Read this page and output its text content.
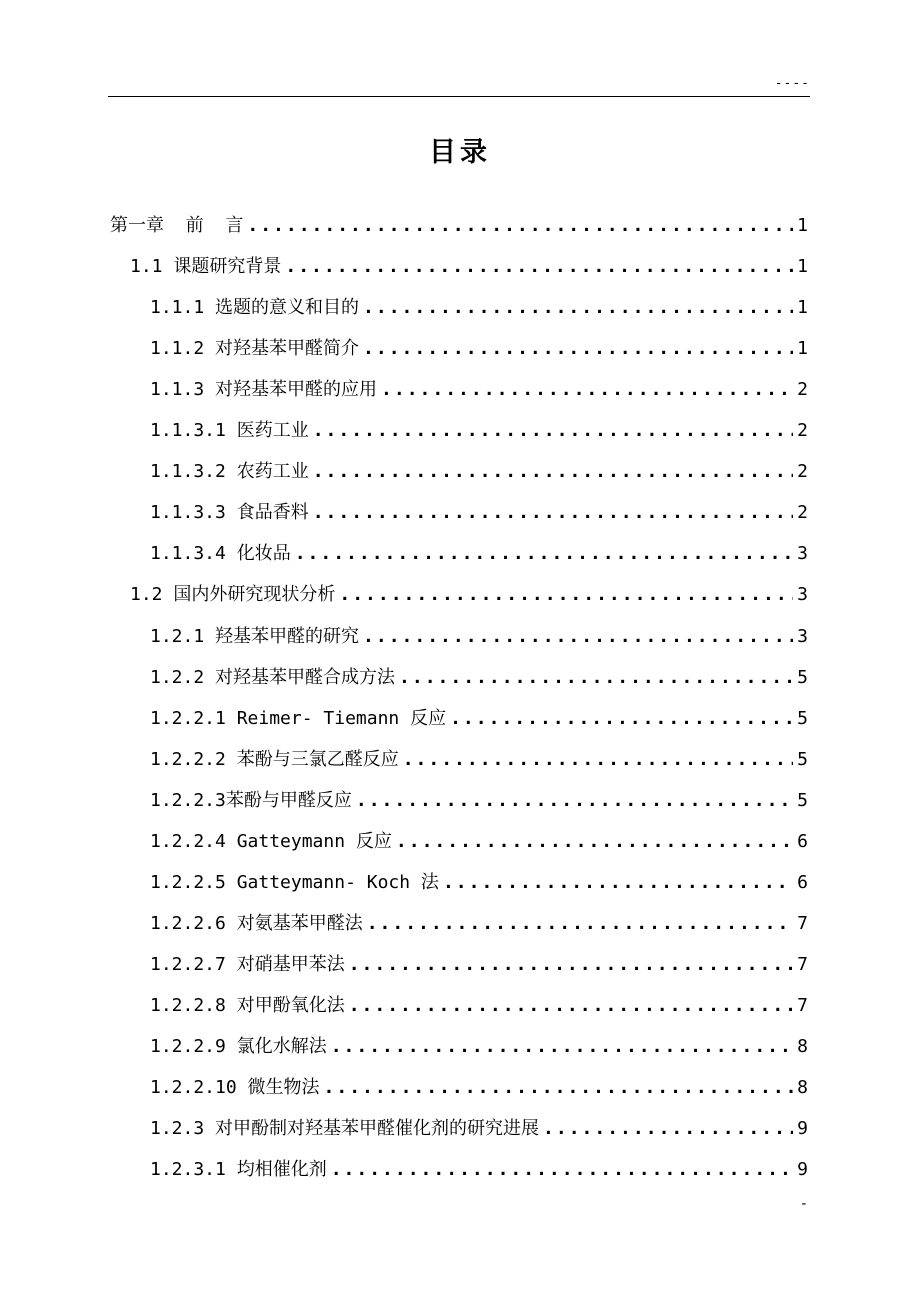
----
目录
第一章  前  言 .....	1
1.1 课题研究背景 .....	1
1.1.1 选题的意义和目的 .....	1
1.1.2 对羟基苯甲醛简介 .....	1
1.1.3 对羟基苯甲醛的应用 .....	2
1.1.3.1 医药工业 .....	2
1.1.3.2 农药工业 .....	2
1.1.3.3 食品香料 .....	2
1.1.3.4 化妆品 .....	3
1.2 国内外研究现状分析 .....	3
1.2.1 羟基苯甲醛的研究 .....	3
1.2.2 对羟基苯甲醛合成方法 .....	5
1.2.2.1 Reimer- Tiemann 反应 .....	5
1.2.2.2 苯酚与三氯乙醛反应 .....	5
1.2.2.3苯酚与甲醛反应 .....	5
1.2.2.4 Gatteymann 反应 .....	6
1.2.2.5 Gatteymann- Koch 法 .....	6
1.2.2.6 对氨基苯甲醛法 .....	7
1.2.2.7 对硝基甲苯法 .....	7
1.2.2.8 对甲酚氧化法 .....	7
1.2.2.9 氯化水解法 .....	8
1.2.2.10 微生物法 .....	8
1.2.3 对甲酚制对羟基苯甲醛催化剂的研究进展 .....	9
1.2.3.1 均相催化剂 .....	9
-
